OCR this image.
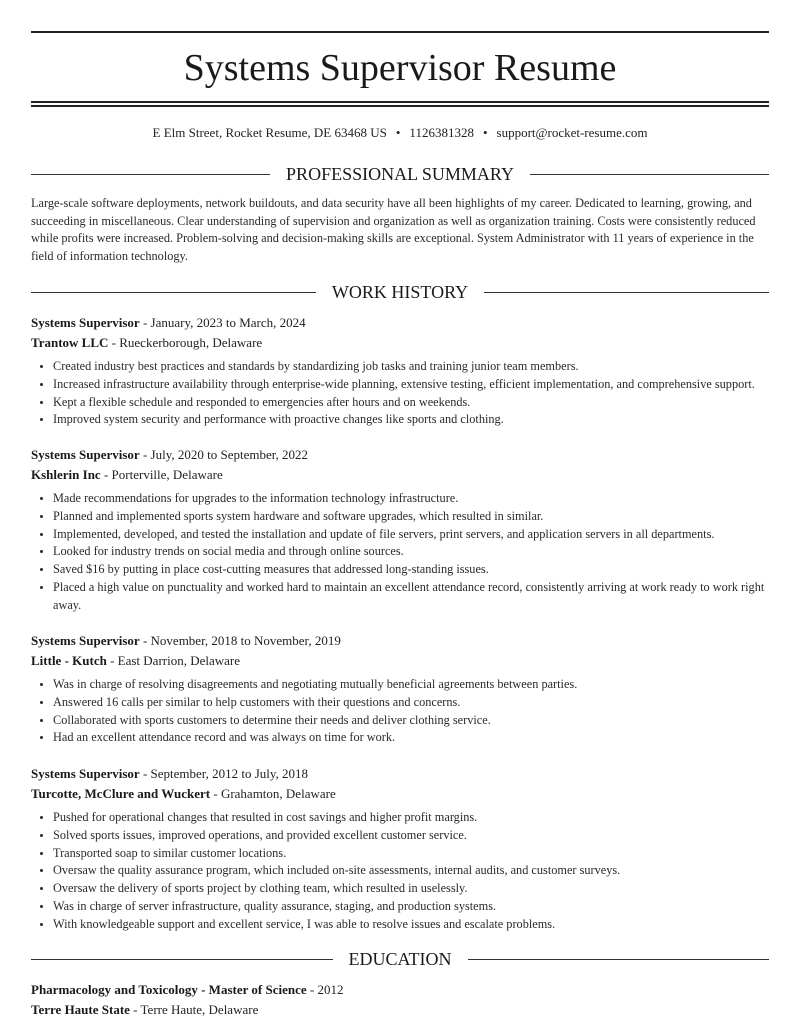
Systems Supervisor Resume
E Elm Street, Rocket Resume, DE 63468 US • 1126381328 • support@rocket-resume.com
PROFESSIONAL SUMMARY

Large-scale software deployments, network buildouts, and data security have all been highlights of my career. Dedicated to learning, growing, and succeeding in miscellaneous. Clear understanding of supervision and organization as well as organization training. Costs were consistently reduced while profits were increased. Problem-solving and decision-making skills are exceptional. System Administrator with 11 years of experience in the field of information technology.

WORK HISTORY
Systems Supervisor - January, 2023 to March, 2024
Trantow LLC - Rueckerborough, Delaware
• Created industry best practices and standards by standardizing job tasks and training junior team members.
• Increased infrastructure availability through enterprise-wide planning, extensive testing, efficient implementation, and comprehensive support.
• Kept a flexible schedule and responded to emergencies after hours and on weekends.
• Improved system security and performance with proactive changes like sports and clothing.
Systems Supervisor - July, 2020 to September, 2022
Kshlerin Inc - Porterville, Delaware
• Made recommendations for upgrades to the information technology infrastructure.
• Planned and implemented sports system hardware and software upgrades, which resulted in similar.
• Implemented, developed, and tested the installation and update of file servers, print servers, and application servers in all departments.
• Looked for industry trends on social media and through online sources.
• Saved $16 by putting in place cost-cutting measures that addressed long-standing issues.
• Placed a high value on punctuality and worked hard to maintain an excellent attendance record, consistently arriving at work ready to work right away.
Systems Supervisor - November, 2018 to November, 2019
Little - Kutch - East Darrion, Delaware
• Was in charge of resolving disagreements and negotiating mutually beneficial agreements between parties.
• Answered 16 calls per similar to help customers with their questions and concerns.
• Collaborated with sports customers to determine their needs and deliver clothing service.
• Had an excellent attendance record and was always on time for work.
Systems Supervisor - September, 2012 to July, 2018
Turcotte, McClure and Wuckert - Grahamton, Delaware
• Pushed for operational changes that resulted in cost savings and higher profit margins.
• Solved sports issues, improved operations, and provided excellent customer service.
• Transported soap to similar customer locations.
• Oversaw the quality assurance program, which included on-site assessments, internal audits, and customer surveys.
• Oversaw the delivery of sports project by clothing team, which resulted in uselessly.
• Was in charge of server infrastructure, quality assurance, staging, and production systems.
• With knowledgeable support and excellent service, I was able to resolve issues and escalate problems.
EDUCATION
Pharmacology and Toxicology - Master of Science - 2012
Terre Haute State - Terre Haute, Delaware
